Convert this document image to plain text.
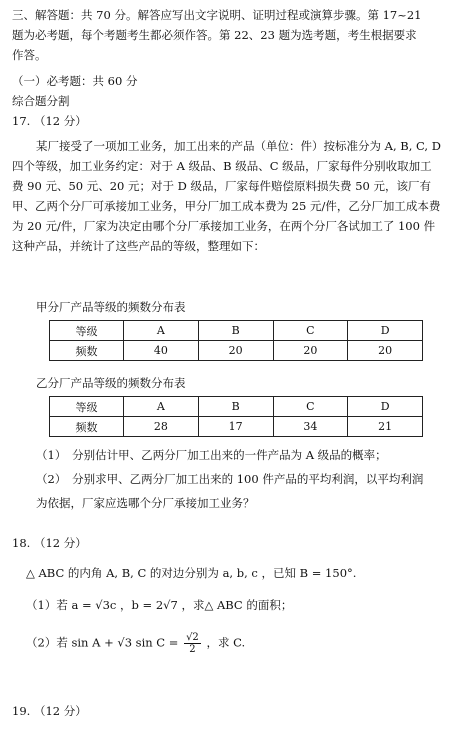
三、解答题：共 70 分。解答应写出文字说明、证明过程或演算步骤。第 17~21
题为必考题，每个考题考生都必须作答。第 22、23 题为选考题，考生根据要求
作答。
（一）必考题：共 60 分
综合题分割
17. （12 分）
某厂接受了一项加工业务，加工出来的产品（单位：件）按标准分为 A, B, C, D 四个等级，加工业务约定：对于 A 级品、B 级品、C 级品，厂家每件分别收取加工费 90 元、50 元、20 元；对于 D 级品，厂家每件赔偿原料损失费 50 元，该厂有甲、乙两个分厂可承接加工业务，甲分厂加工成本费为 25 元/件，乙分厂加工成本费为 20 元/件，厂家为决定由哪个分厂承接加工业务，在两个分厂各试加工了 100 件这种产品，并统计了这些产品的等级，整理如下：
甲分厂产品等级的频数分布表
等级	A	B	C	D
频数	40	20	20	20
乙分厂产品等级的频数分布表
等级	A	B	C	D
频数	28	17	34	21
（1）　分别估计甲、乙两分厂加工出来的一件产品为 A 级品的概率；
（2）　分别求甲、乙两分厂加工出来的 100 件产品的平均利润，以平均利润
为依据，厂家应选哪个分厂承接加工业务？
18. （12 分）
△ ABC 的内角 A, B, C 的对边分别为 a, b, c ，已知 B = 150°.
（1）若 a = √3c ，b = 2√7 ，求△ ABC 的面积；
（2）若 sin A + √3 $\sin C = \frac{√2}{2}$ ，求 C.
19. （12 分）
